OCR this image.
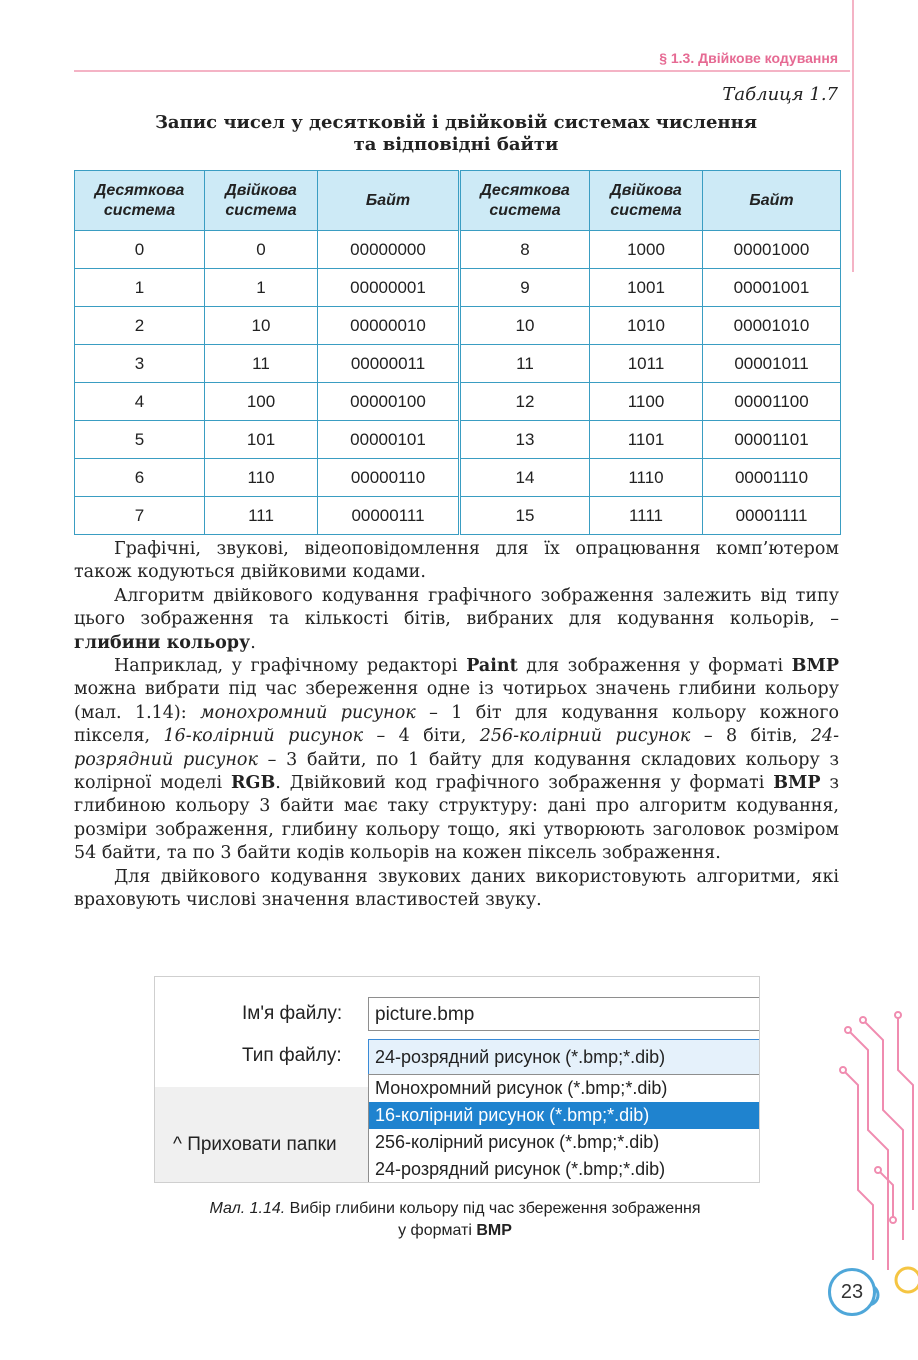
§ 1.3. Двійкове кодування
Таблиця 1.7
Запис чисел у десятковій і двійковій системах числення
та відповідні байти
Десяткова система	Двійкова система	Байт	Десяткова система	Двійкова система	Байт
0	0	00000000	8	1000	00001000
1	1	00000001	9	1001	00001001
2	10	00000010	10	1010	00001010
3	11	00000011	11	1011	00001011
4	100	00000100	12	1100	00001100
5	101	00000101	13	1101	00001101
6	110	00000110	14	1110	00001110
7	111	00000111	15	1111	00001111

Графічні, звукові, відеоповідомлення для їх опрацювання комп’ютером також кодуються двійковими кодами.

Алгоритм двійкового кодування графічного зображення залежить від типу цього зображення та кількості бітів, вибраних для кодування кольорів, – глибини кольору.

Наприклад, у графічному редакторі Paint для зображення у форматі BMP можна вибрати під час збереження одне із чотирьох значень глибини кольору (мал. 1.14): монохромний рисунок – 1 біт для кодування кольору кожного пікселя, 16-колірний рисунок – 4 біти, 256-колірний рисунок – 8 бітів, 24-розрядний рисунок – 3 байти, по 1 байту для кодування складових кольору з колірної моделі RGB. Двійковий код графічного зображення у форматі BMP з глибиною кольору 3 байти має таку структуру: дані про алгоритм кодування, розміри зображення, глибину кольору тощо, які утворюють заголовок розміром 54 байти, та по 3 байти кодів кольорів на кожен піксель зображення.

Для двійкового кодування звукових даних використовують алгоритми, які враховують числові значення властивостей звуку.

Ім'я файлу:	picture.bmp
Тип файлу:	24-розрядний рисунок (*.bmp;*.dib)
Монохромний рисунок (*.bmp;*.dib)
16-колірний рисунок (*.bmp;*.dib)
256-колірний рисунок (*.bmp;*.dib)
24-розрядний рисунок (*.bmp;*.dib)
^ Приховати папки
Мал. 1.14. Вибір глибини кольору під час збереження зображення
у форматі BMP
23
